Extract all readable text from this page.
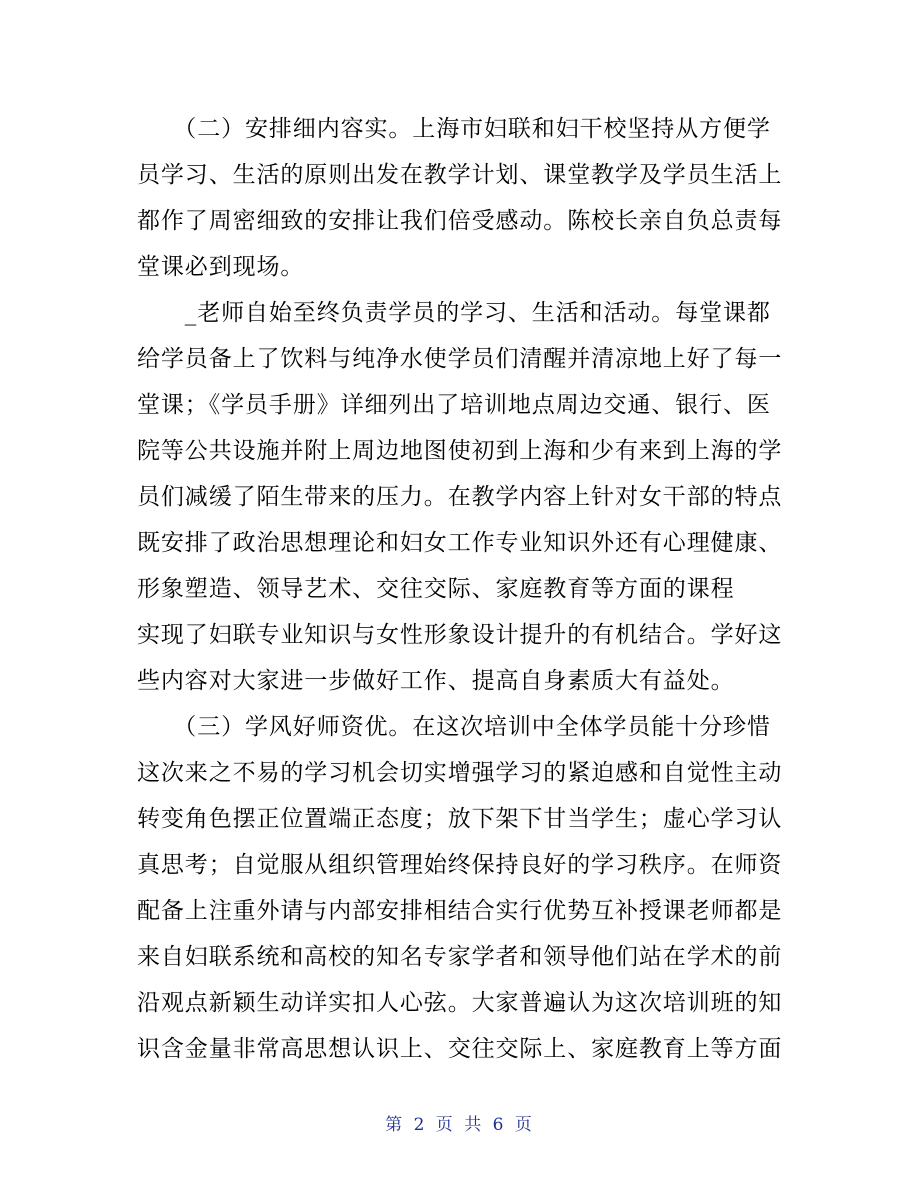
　　（二）安排细内容实。上海市妇联和妇干校坚持从方便学
员学习、生活的原则出发在教学计划、课堂教学及学员生活上
都作了周密细致的安排让我们倍受感动。陈校长亲自负总责每
堂课必到现场。
　　_老师自始至终负责学员的学习、生活和活动。每堂课都
给学员备上了饮料与纯净水使学员们清醒并清凉地上好了每一
堂课；《学员手册》详细列出了培训地点周边交通、银行、医
院等公共设施并附上周边地图使初到上海和少有来到上海的学
员们减缓了陌生带来的压力。在教学内容上针对女干部的特点
既安排了政治思想理论和妇女工作专业知识外还有心理健康、
形象塑造、领导艺术、交往交际、家庭教育等方面的课程
实现了妇联专业知识与女性形象设计提升的有机结合。学好这
些内容对大家进一步做好工作、提高自身素质大有益处。
　　（三）学风好师资优。在这次培训中全体学员能十分珍惜
这次来之不易的学习机会切实增强学习的紧迫感和自觉性主动
转变角色摆正位置端正态度；放下架下甘当学生；虚心学习认
真思考；自觉服从组织管理始终保持良好的学习秩序。在师资
配备上注重外请与内部安排相结合实行优势互补授课老师都是
来自妇联系统和高校的知名专家学者和领导他们站在学术的前
沿观点新颖生动详实扣人心弦。大家普遍认为这次培训班的知
识含金量非常高思想认识上、交往交际上、家庭教育上等方面
第 2 页 共 6 页
